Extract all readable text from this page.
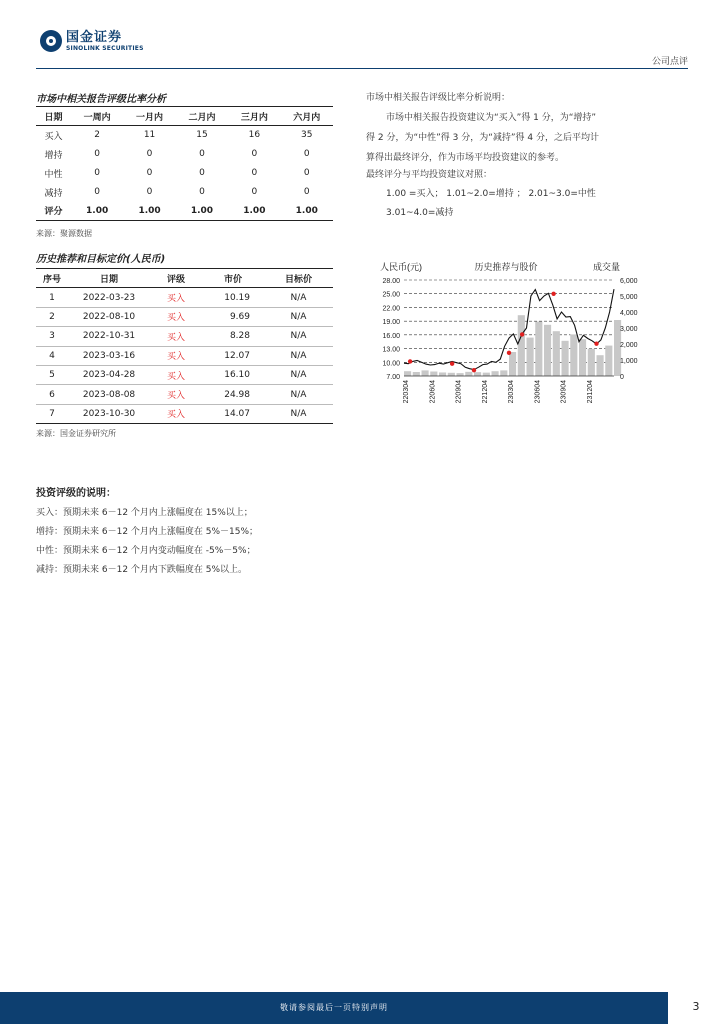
国金证券
SINOLINK SECURITIES
公司点评
市场中相关报告评级比率分析
日期	一周内	一月内	二月内	三月内	六月内
买入	2	11	15	16	35
增持	0	0	0	0	0
中性	0	0	0	0	0
减持	0	0	0	0	0
评分	1.00	1.00	1.00	1.00	1.00
来源：聚源数据
市场中相关报告评级比率分析说明：
市场中相关报告投资建议为“买入”得 1 分，为“增持”
得 2 分，为“中性”得 3 分，为“减持”得 4 分，之后平均计
算得出最终评分，作为市场平均投资建议的参考。
最终评分与平均投资建议对照：
1.00 =买入； 1.01~2.0=增持 ； 2.01~3.0=中性
3.01~4.0=减持
历史推荐和目标定价(人民币)
序号	日期	评级	市价	目标价
1	2022-03-23	买入	10.19	N/A
2	2022-08-10	买入	9.69	N/A
3	2022-10-31	买入	8.28	N/A
4	2023-03-16	买入	12.07	N/A
5	2023-04-28	买入	16.10	N/A
6	2023-08-08	买入	24.98	N/A
7	2023-10-30	买入	14.07	N/A
来源：国金证券研究所
人民币(元)	历史推荐与股价	成交量
28.00
25.00
22.00
19.00
16.00
13.00
10.00
7.00
6,000
5,000
4,000
3,000
2,000
1,000
0
220304	220604	220904	221204	230304	230604	230904	231204
投资评级的说明：
买入：预期未来 6－12 个月内上涨幅度在 15%以上；
增持：预期未来 6－12 个月内上涨幅度在 5%－15%；
中性：预期未来 6－12 个月内变动幅度在 -5%－5%；
减持：预期未来 6－12 个月内下跌幅度在 5%以上。
敬请参阅最后一页特别声明	3
